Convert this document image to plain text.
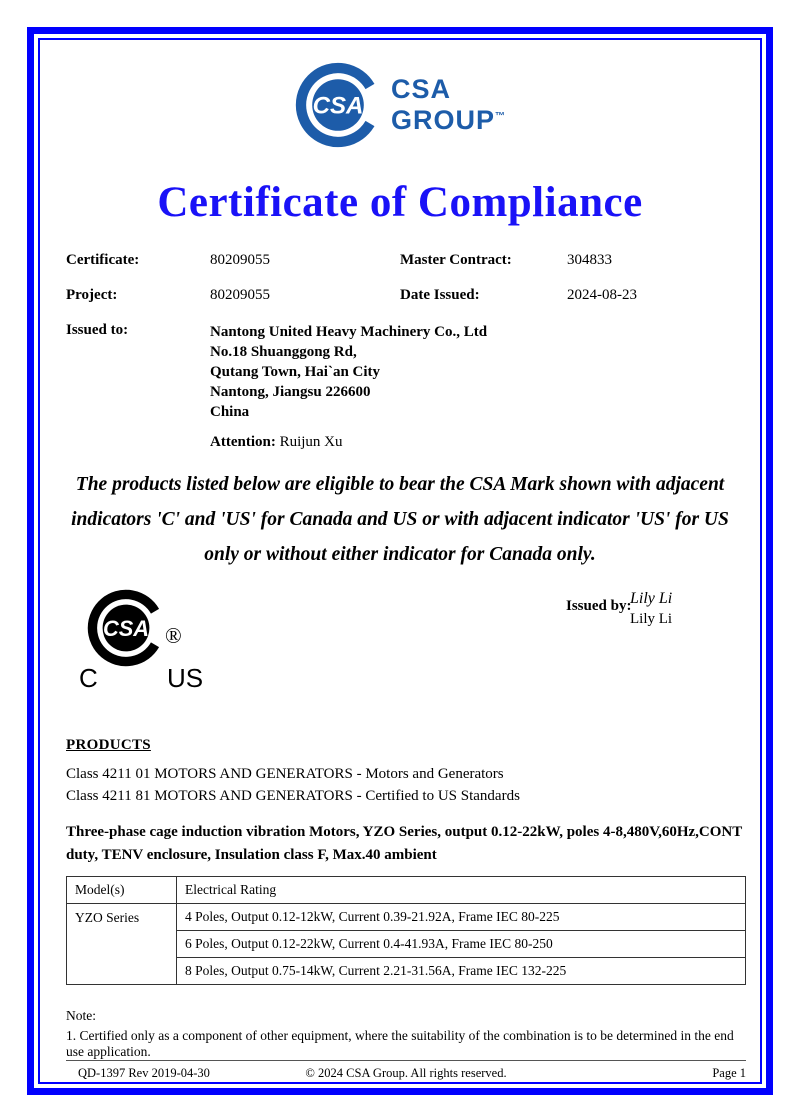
CSA
CSA
GROUP™
Certificate of Compliance
Certificate:	80209055	Master Contract:	304833
Project:	80209055	Date Issued:	2024-08-23
Issued to:	Nantong United Heavy Machinery Co., Ltd
No.18 Shuanggong Rd,
Qutang Town, Hai`an City
Nantong, Jiangsu 226600
China
Attention: Ruijun Xu
The products listed below are eligible to bear the CSA Mark shown with adjacent indicators 'C' and 'US' for Canada and US or with adjacent indicator 'US' for US only or without either indicator for Canada only.
Issued by:
Lily Li
Lily Li
CSA ®
C	US
PRODUCTS
Class 4211 01 MOTORS AND GENERATORS - Motors and Generators
Class 4211 81 MOTORS AND GENERATORS - Certified to US Standards
Three-phase cage induction vibration Motors, YZO Series, output 0.12-22kW, poles 4-8,480V,60Hz,CONT duty, TENV enclosure, Insulation class F, Max.40 ambient
Model(s)	Electrical Rating
YZO Series	4 Poles, Output 0.12-12kW, Current 0.39-21.92A, Frame IEC 80-225
	6 Poles, Output 0.12-22kW, Current 0.4-41.93A, Frame IEC 80-250
	8 Poles, Output 0.75-14kW, Current 2.21-31.56A, Frame IEC 132-225
Note:
1. Certified only as a component of other equipment, where the suitability of the combination is to be determined in the end use application.
QD-1397 Rev 2019-04-30	© 2024 CSA Group. All rights reserved.	Page 1
